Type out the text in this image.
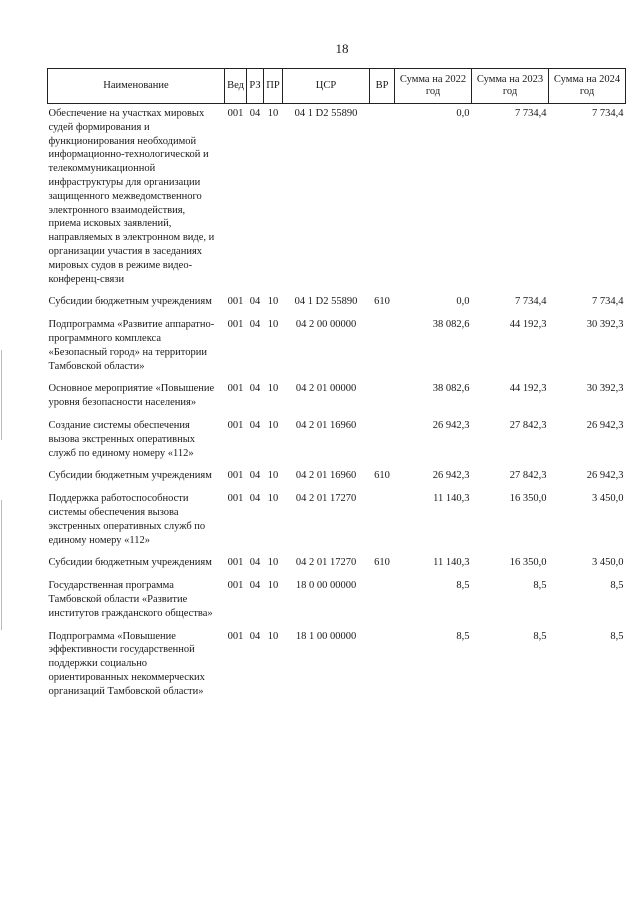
18
Наименование	Вед	РЗ	ПР	ЦСР	ВР	Сумма на 2022 год	Сумма на 2023 год	Сумма на 2024 год
Обеспечение на участках мировых судей формирования и функционирования необходимой информационно-технологической и телекоммуникационной инфраструктуры для организации защищенного межведомственного электронного взаимодействия, приема исковых заявлений, направляемых в электронном виде, и организации участия в заседаниях мировых судов в режиме видео-конференц-связи	001	04	10	04 1 D2 55890		0,0	7 734,4	7 734,4
Субсидии бюджетным учреждениям	001	04	10	04 1 D2 55890	610	0,0	7 734,4	7 734,4
Подпрограмма «Развитие аппаратно-программного комплекса «Безопасный город» на территории Тамбовской области»	001	04	10	04 2 00 00000		38 082,6	44 192,3	30 392,3
Основное мероприятие «Повышение уровня безопасности населения»	001	04	10	04 2 01 00000		38 082,6	44 192,3	30 392,3
Создание системы обеспечения вызова экстренных оперативных служб по единому номеру «112»	001	04	10	04 2 01 16960		26 942,3	27 842,3	26 942,3
Субсидии бюджетным учреждениям	001	04	10	04 2 01 16960	610	26 942,3	27 842,3	26 942,3
Поддержка работоспособности системы обеспечения вызова экстренных оперативных служб по единому номеру «112»	001	04	10	04 2 01 17270		11 140,3	16 350,0	3 450,0
Субсидии бюджетным учреждениям	001	04	10	04 2 01 17270	610	11 140,3	16 350,0	3 450,0
Государственная программа Тамбовской области «Развитие институтов гражданского общества»	001	04	10	18 0 00 00000		8,5	8,5	8,5
Подпрограмма «Повышение эффективности государственной поддержки социально ориентированных некоммерческих организаций Тамбовской области»	001	04	10	18 1 00 00000		8,5	8,5	8,5
